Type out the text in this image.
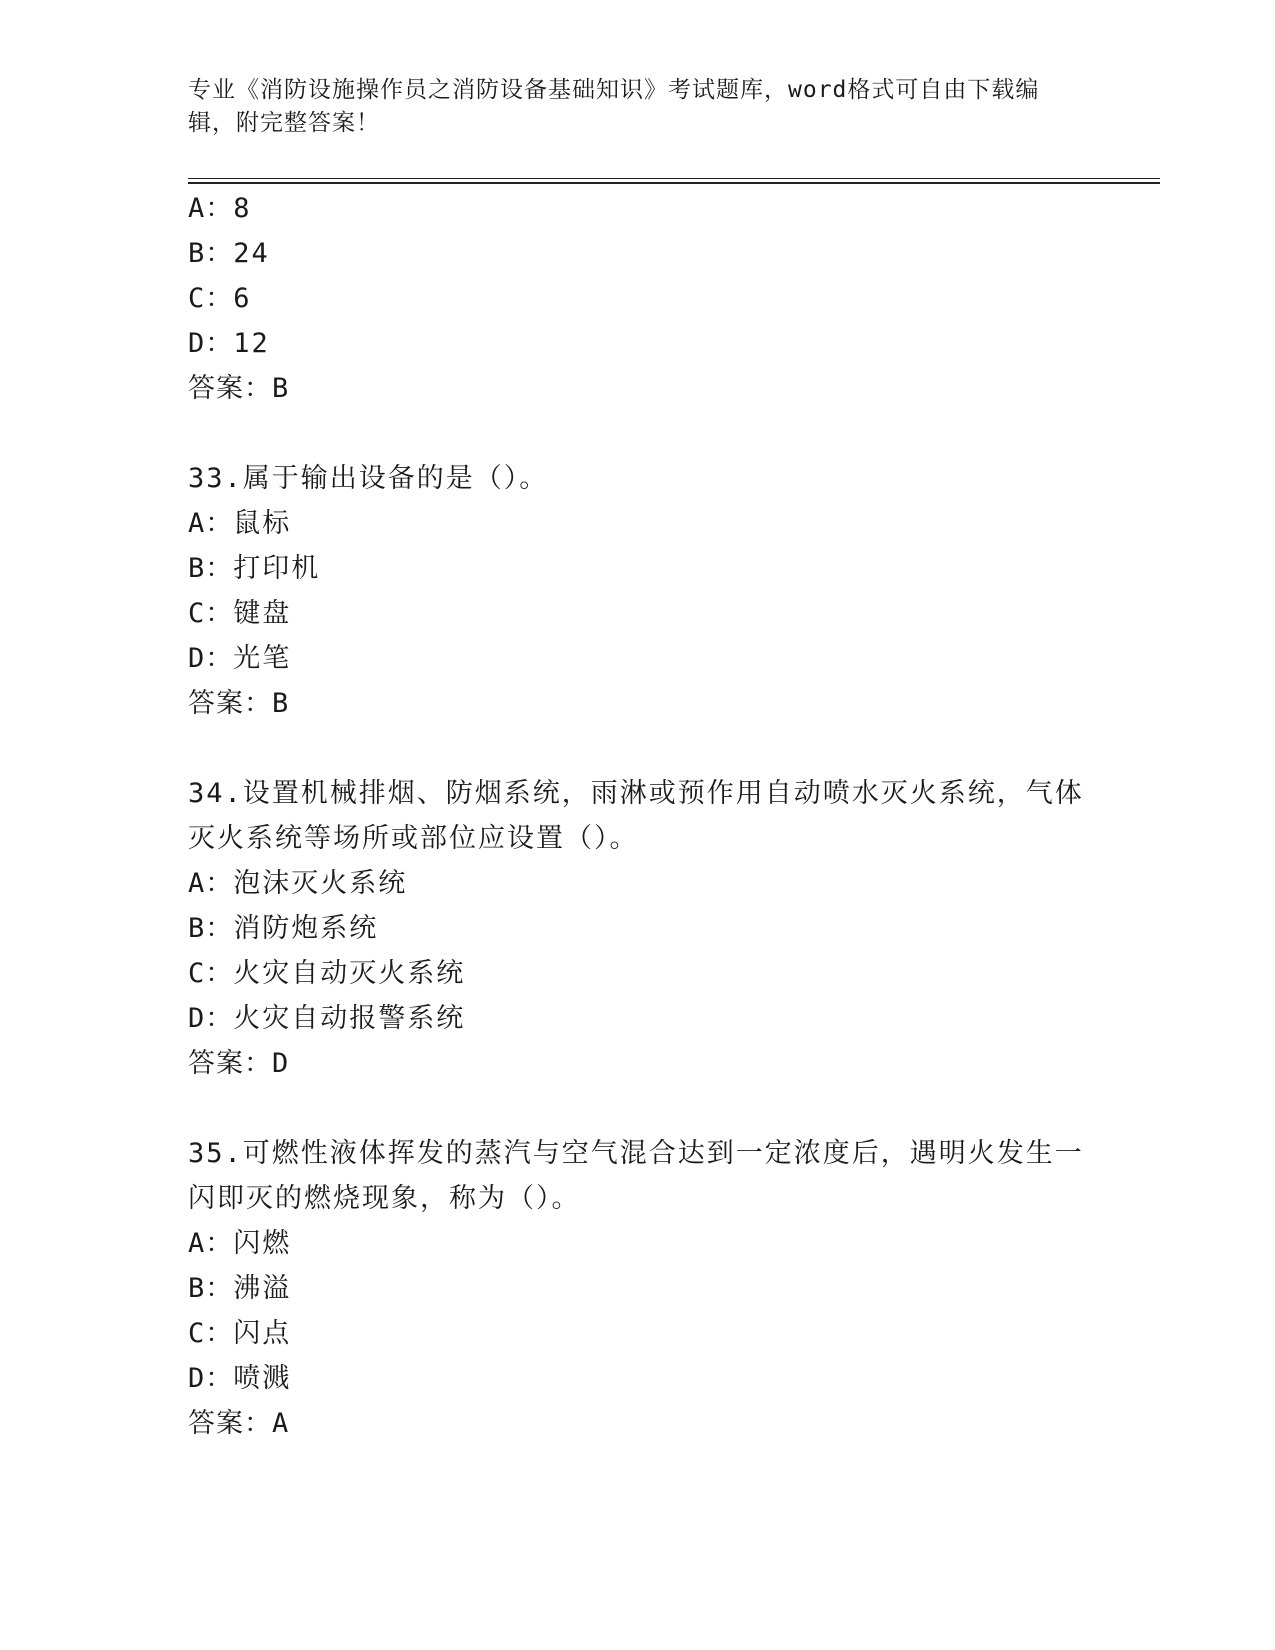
专业《消防设施操作员之消防设备基础知识》考试题库，word格式可自由下载编辑，附完整答案！
A：8
B：24
C：6
D：12
答案：B
33.属于输出设备的是（）。
A：鼠标
B：打印机
C：键盘
D：光笔
答案：B
34.设置机械排烟、防烟系统，雨淋或预作用自动喷水灭火系统，气体
灭火系统等场所或部位应设置（）。
A：泡沫灭火系统
B：消防炮系统
C：火灾自动灭火系统
D：火灾自动报警系统
答案：D
35.可燃性液体挥发的蒸汽与空气混合达到一定浓度后，遇明火发生一
闪即灭的燃烧现象，称为（）。
A：闪燃
B：沸溢
C：闪点
D：喷溅
答案：A
